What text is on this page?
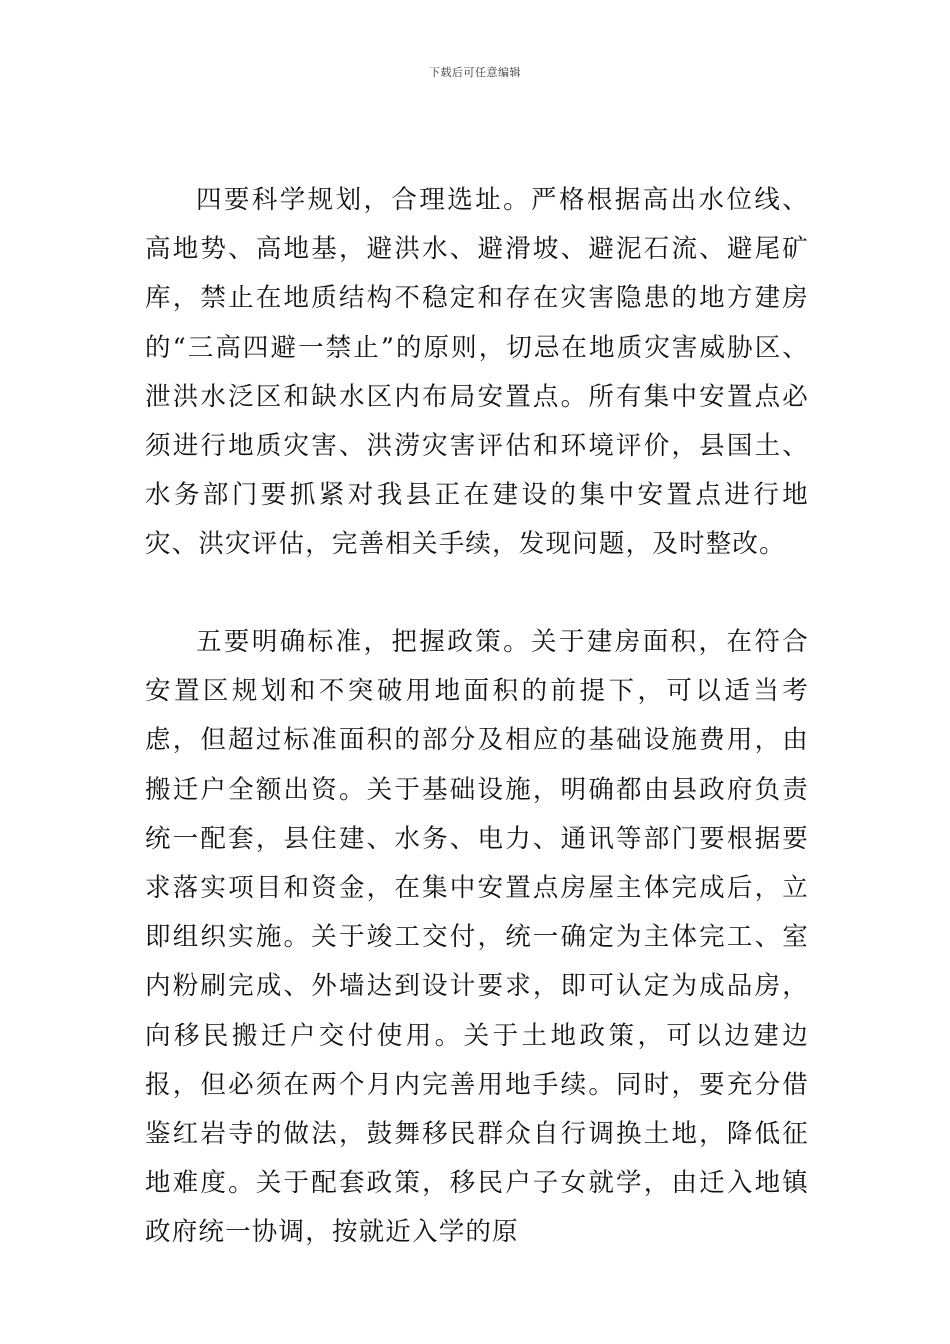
下载后可任意编辑

四要科学规划，合理选址。严格根据高出水位线、高地势、高地基，避洪水、避滑坡、避泥石流、避尾矿库，禁止在地质结构不稳定和存在灾害隐患的地方建房的“三高四避一禁止”的原则，切忌在地质灾害威胁区、泄洪水泛区和缺水区内布局安置点。所有集中安置点必须进行地质灾害、洪涝灾害评估和环境评价，县国土、水务部门要抓紧对我县正在建设的集中安置点进行地灾、洪灾评估，完善相关手续，发现问题，及时整改。

五要明确标准，把握政策。关于建房面积，在符合安置区规划和不突破用地面积的前提下，可以适当考虑，但超过标准面积的部分及相应的基础设施费用，由搬迁户全额出资。关于基础设施，明确都由县政府负责统一配套，县住建、水务、电力、通讯等部门要根据要求落实项目和资金，在集中安置点房屋主体完成后，立即组织实施。关于竣工交付，统一确定为主体完工、室内粉刷完成、外墙达到设计要求，即可认定为成品房，向移民搬迁户交付使用。关于土地政策，可以边建边报，但必须在两个月内完善用地手续。同时，要充分借鉴红岩寺的做法，鼓舞移民群众自行调换土地，降低征地难度。关于配套政策，移民户子女就学，由迁入地镇政府统一协调，按就近入学的原
